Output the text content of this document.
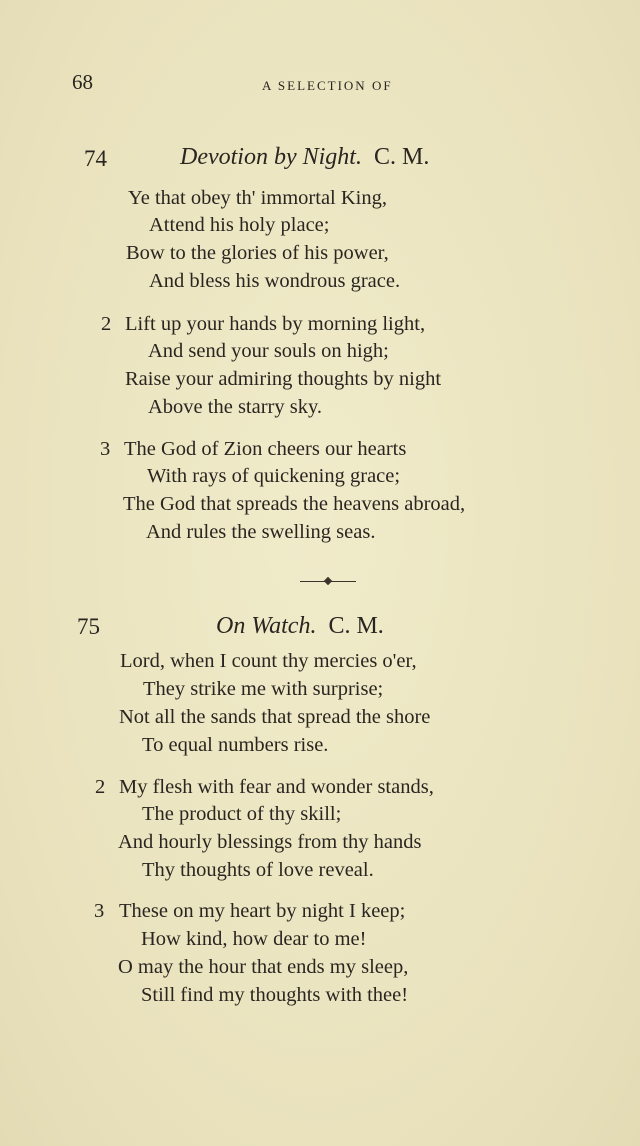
68	A SELECTION OF
74	Devotion by Night. C. M.
Ye that obey th' immortal King,
Attend his holy place;
Bow to the glories of his power,
And bless his wondrous grace.
2 Lift up your hands by morning light,
And send your souls on high;
Raise your admiring thoughts by night
Above the starry sky.
3 The God of Zion cheers our hearts
With rays of quickening grace;
The God that spreads the heavens abroad,
And rules the swelling seas.
75	On Watch. C. M.
Lord, when I count thy mercies o'er,
They strike me with surprise;
Not all the sands that spread the shore
To equal numbers rise.
2 My flesh with fear and wonder stands,
The product of thy skill;
And hourly blessings from thy hands
Thy thoughts of love reveal.
3 These on my heart by night I keep;
How kind, how dear to me!
O may the hour that ends my sleep,
Still find my thoughts with thee!
